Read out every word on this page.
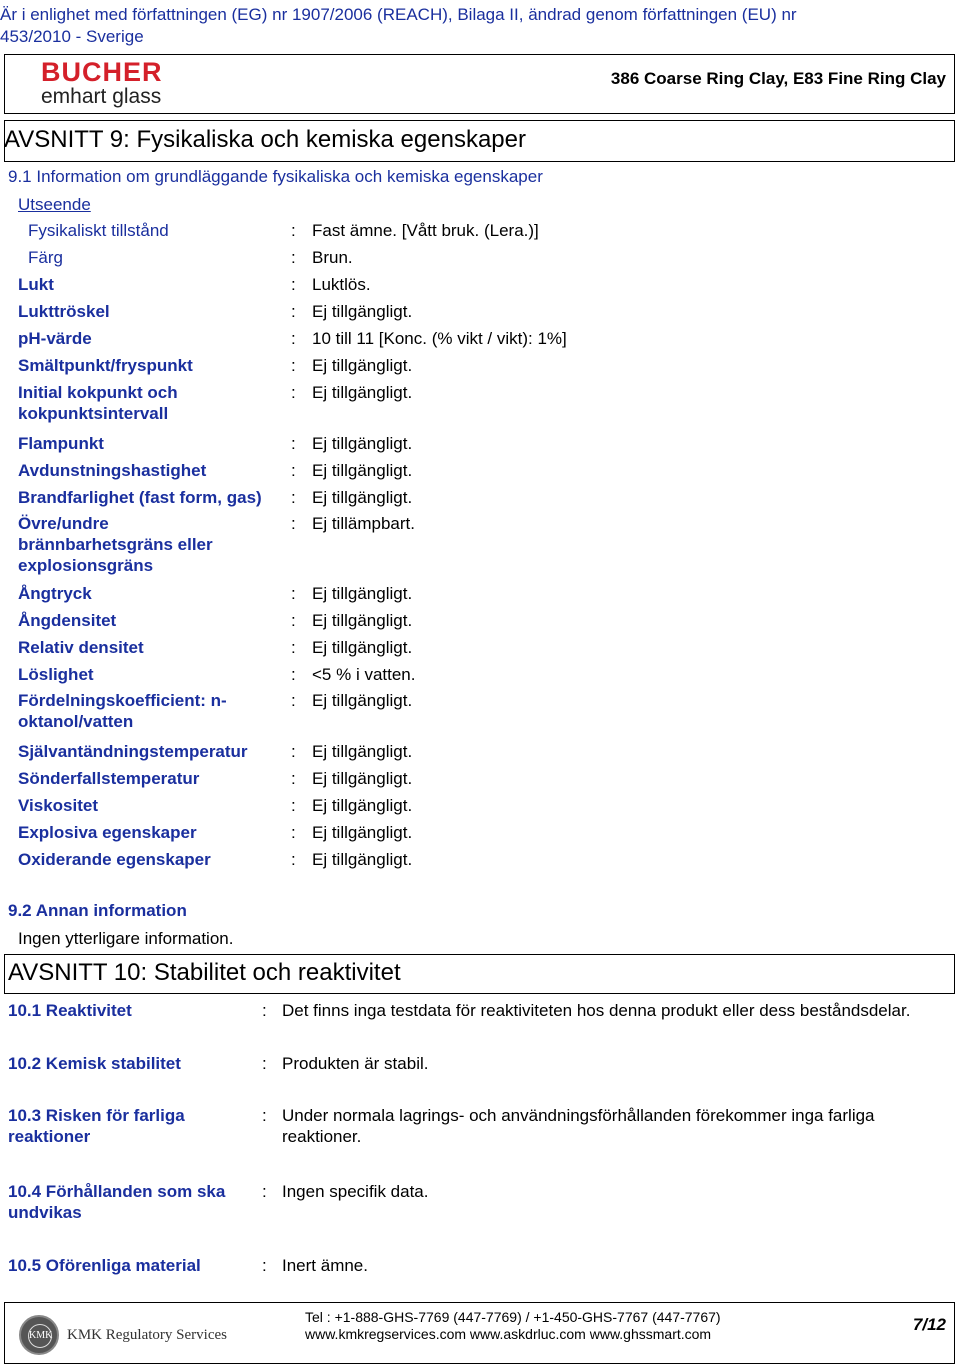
Är i enlighet med författningen (EG) nr 1907/2006 (REACH), Bilaga II, ändrad genom författningen (EU) nr
453/2010 - Sverige
BUCHER
emhart glass
386 Coarse Ring Clay, E83 Fine Ring Clay
AVSNITT 9: Fysikaliska och kemiska egenskaper
9.1 Information om grundläggande fysikaliska och kemiska egenskaper
Utseende
Fysikaliskt tillstånd	: Fast ämne. [Vått bruk. (Lera.)]
Färg	: Brun.
Lukt	: Luktlös.
Lukttröskel	: Ej tillgängligt.
pH-värde	: 10 till 11 [Konc. (% vikt / vikt): 1%]
Smältpunkt/fryspunkt	: Ej tillgängligt.
Initial kokpunkt och kokpunktsintervall
: Ej tillgängligt.
Flampunkt	: Ej tillgängligt.
Avdunstningshastighet	: Ej tillgängligt.
Brandfarlighet (fast form, gas)	: Ej tillgängligt.
Övre/undre brännbarhetsgräns eller explosionsgräns
: Ej tillämpbart.
Ångtryck	: Ej tillgängligt.
Ångdensitet	: Ej tillgängligt.
Relativ densitet	: Ej tillgängligt.
Löslighet	: <5 % i vatten.
Fördelningskoefficient: n-oktanol/vatten
: Ej tillgängligt.
Självantändningstemperatur	: Ej tillgängligt.
Sönderfallstemperatur	: Ej tillgängligt.
Viskositet	: Ej tillgängligt.
Explosiva egenskaper	: Ej tillgängligt.
Oxiderande egenskaper	: Ej tillgängligt.
9.2 Annan information
Ingen ytterligare information.
AVSNITT 10: Stabilitet och reaktivitet
10.1 Reaktivitet	: Det finns inga testdata för reaktiviteten hos denna produkt eller dess beståndsdelar.
10.2 Kemisk stabilitet	: Produkten är stabil.
10.3 Risken för farliga reaktioner
: Under normala lagrings- och användningsförhållanden förekommer inga farliga reaktioner.
10.4 Förhållanden som ska undvikas
: Ingen specifik data.
10.5 Oförenliga material	: Inert ämne.
KMK KMK Regulatory Services
Tel : +1-888-GHS-7769 (447-7769) / +1-450-GHS-7767 (447-7767)
www.kmkregservices.com www.askdrluc.com www.ghssmart.com	7/12
